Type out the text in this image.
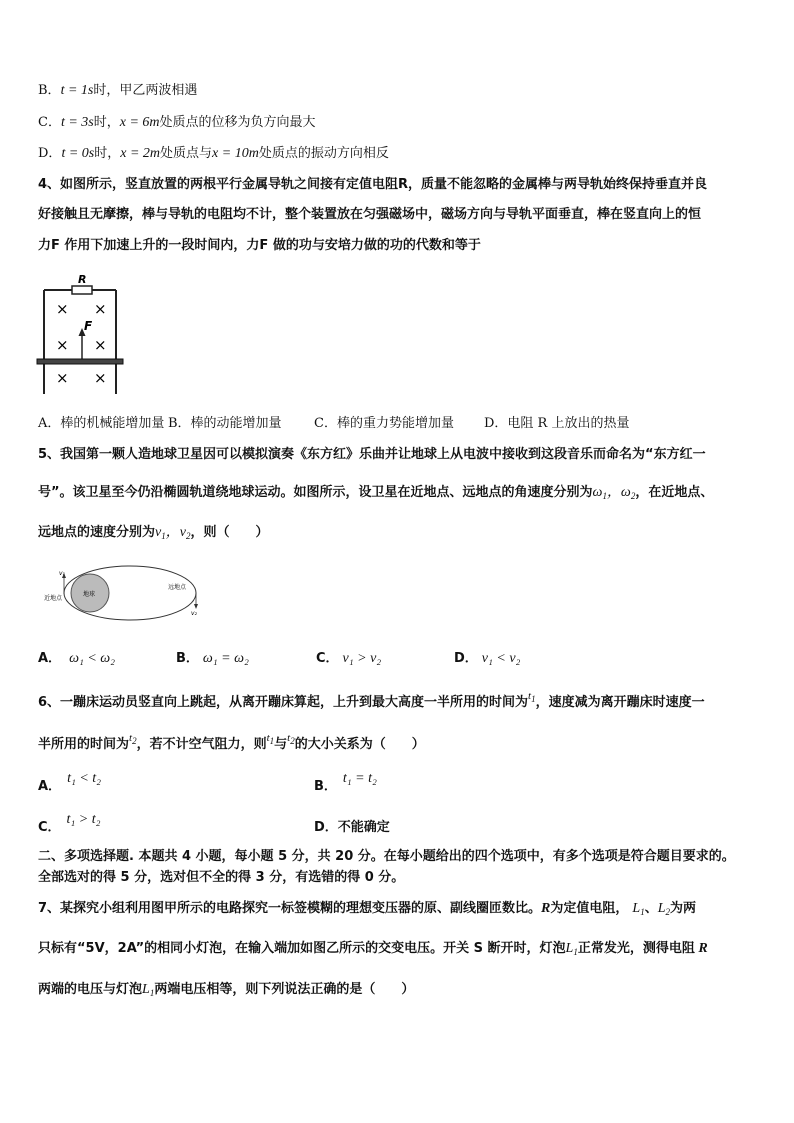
B．t = 1s时，甲乙两波相遇
C．t = 3s时，x = 6m处质点的位移为负方向最大
D．t = 0s时，x = 2m处质点与x = 10m处质点的振动方向相反
4、如图所示，竖直放置的两根平行金属导轨之间接有定值电阻R，质量不能忽略的金属棒与两导轨始终保持垂直并良
好接触且无摩擦，棒与导轨的电阻均不计，整个装置放在匀强磁场中，磁场方向与导轨平面垂直，棒在竖直向上的恒
力F 作用下加速上升的一段时间内，力F 做的功与安培力做的功的代数和等于
R
× ×
× ×
× ×
F
A．棒的机械能增加量 B．棒的动能增加量 C．棒的重力势能增加量 D．电阻 R 上放出的热量
5、我国第一颗人造地球卫星因可以模拟演奏《东方红》乐曲并让地球上从电波中接收到这段音乐而命名为“东方红一
号”。该卫星至今仍沿椭圆轨道绕地球运动。如图所示，设卫星在近地点、远地点的角速度分别为$\omega_1$，$\omega_2$，在近地点、
远地点的速度分别为$v_1$，$v_2$，则（　　）
地球
v₁
近地点
v₂
远地点
A． ω₁ < ω₂	B． ω₁ = ω₂	C． v₁ > v₂	D． v₁ < v₂
6、一蹦床运动员竖直向上跳起，从离开蹦床算起，上升到最大高度一半所用的时间为$^{t_1}$，速度减为离开蹦床时速度一
半所用的时间为$^{t_2}$，若不计空气阻力，则$^{t_1}$与$^{t_2}$的大小关系为（　　）
A．t₁ < t₂
B．t₁ = t₂
C．t₁ > t₂
D．不能确定
二、多项选择题. 本题共 4 小题，每小题 5 分，共 20 分。在每小题给出的四个选项中，有多个选项是符合题目要求的。
全部选对的得 5 分，选对但不全的得 3 分，有选错的得 0 分。
7、某探究小组利用图甲所示的电路探究一标签模糊的理想变压器的原、副线圈匝数比。R为定值电阻， $L_1$、$L_2$为两
只标有“5V，2A”的相同小灯泡，在输入端加如图乙所示的交变电压。开关 S 断开时，灯泡$L_1$正常发光，测得电阻 R
两端的电压与灯泡$L_1$两端电压相等，则下列说法正确的是（　　）
